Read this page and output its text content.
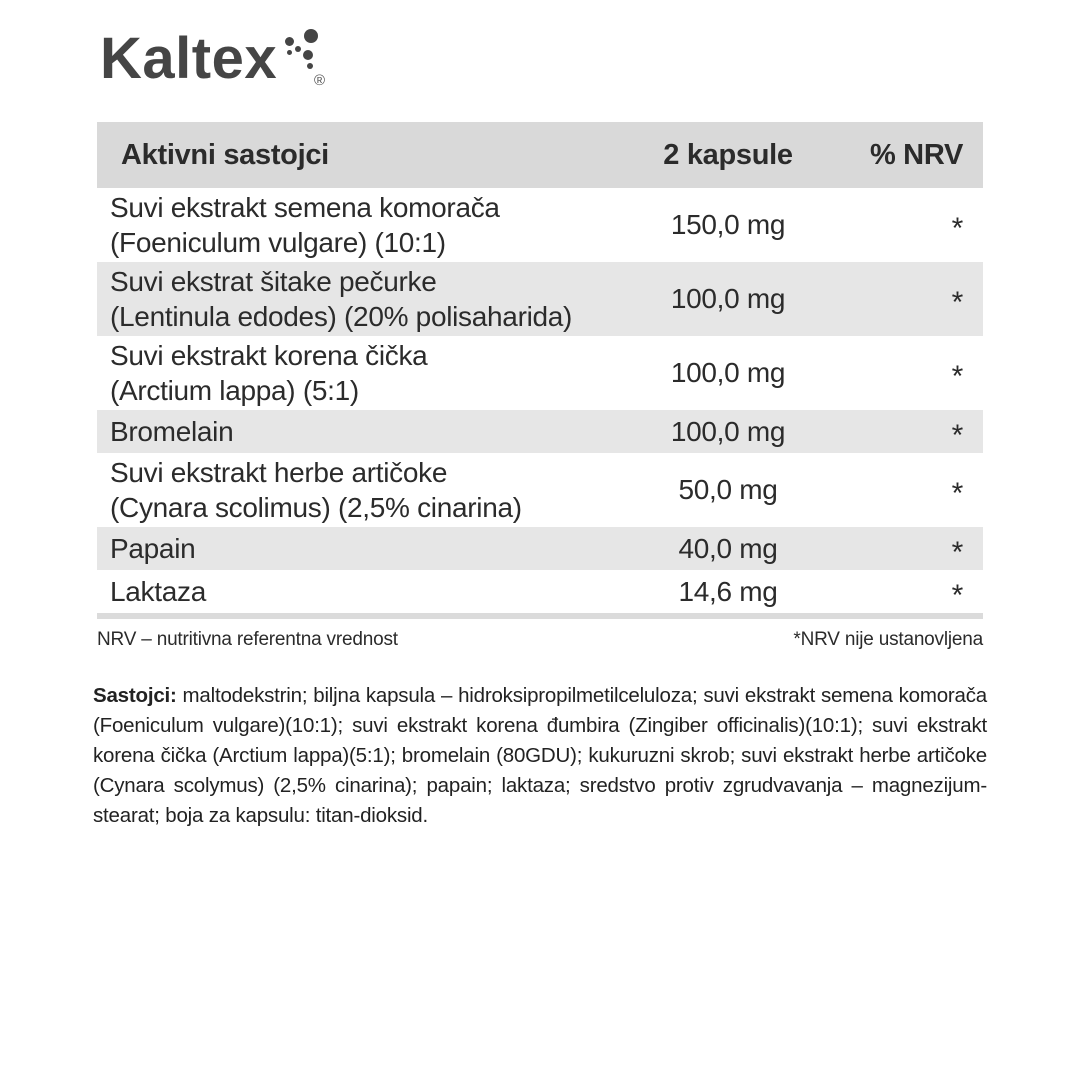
Kaltex ®
Aktivni sastojci	2 kapsule	% NRV
Suvi ekstrakt semena komorača
(Foeniculum vulgare) (10:1)
150,0 mg	*
Suvi ekstrat šitake pečurke
(Lentinula edodes) (20% polisaharida)
100,0 mg	*
Suvi ekstrakt korena čička
(Arctium lappa) (5:1)
100,0 mg	*
Bromelain	100,0 mg	*
Suvi ekstrakt herbe artičoke
(Cynara scolimus) (2,5% cinarina)
50,0 mg	*
Papain	40,0 mg	*
Laktaza	14,6 mg	*
NRV – nutritivna referentna vrednost	*NRV nije ustanovljena

Sastojci: maltodekstrin; biljna kapsula – hidroksipropilmetilceluloza; suvi ekstrakt semena komorača (Foeniculum vulgare)(10:1); suvi ekstrakt korena đumbira (Zingiber officinalis)(10:1); suvi ekstrakt korena čička (Arctium lappa)(5:1); bromelain (80GDU); kukuruzni skrob; suvi ekstrakt herbe artičoke (Cynara scolymus) (2,5% cinarina); papain; laktaza; sredstvo protiv zgrudvavanja – magnezijum-stearat; boja za kapsulu: titan-dioksid.
